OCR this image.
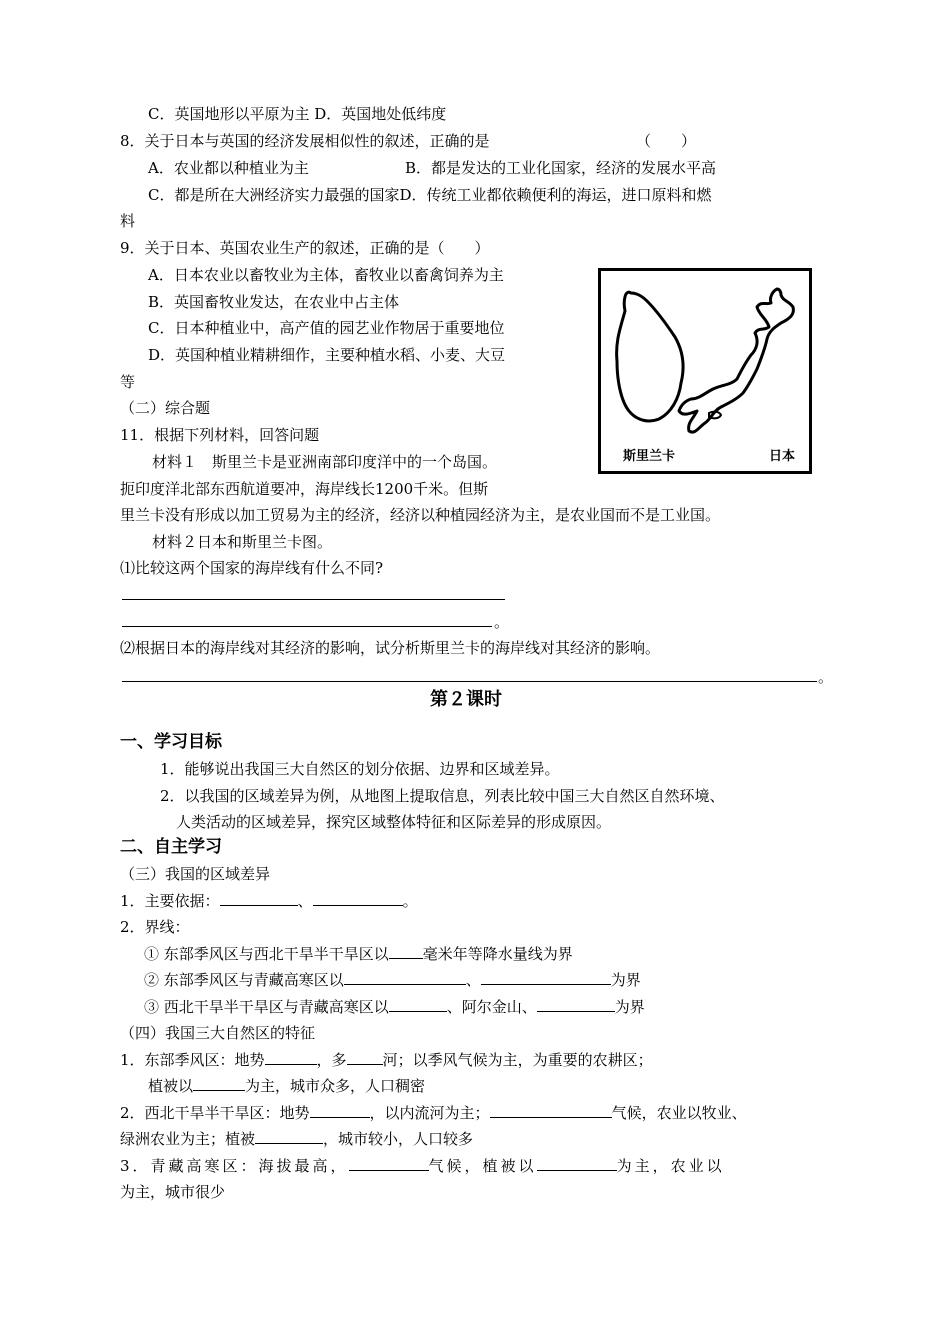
C．英国地形以平原为主 D．英国地处低纬度
8．关于日本与英国的经济发展相似性的叙述，正确的是	（　　）
A．农业都以种植业为主	B．都是发达的工业化国家，经济的发展水平高
C．都是所在大洲经济实力最强的国家D．传统工业都依赖便利的海运，进口原料和燃
料
9．关于日本、英国农业生产的叙述，正确的是（　　）
A．日本农业以畜牧业为主体，畜牧业以畜禽饲养为主
B．英国畜牧业发达，在农业中占主体
C．日本种植业中，高产值的园艺业作物居于重要地位
D．英国种植业精耕细作，主要种植水稻、小麦、大豆
等
（二）综合题
11．根据下列材料，回答问题
材料１　斯里兰卡是亚洲南部印度洋中的一个岛国。
扼印度洋北部东西航道要冲，海岸线长1200千米。但斯
里兰卡没有形成以加工贸易为主的经济，经济以种植园经济为主，是农业国而不是工业国。
材料２日本和斯里兰卡图。
⑴比较这两个国家的海岸线有什么不同?
。
⑵根据日本的海岸线对其经济的影响，试分析斯里兰卡的海岸线对其经济的影响。
。
斯里兰卡	日本
第２课时
一、学习目标
1．能够说出我国三大自然区的划分依据、边界和区域差异。
2．以我国的区域差异为例，从地图上提取信息，列表比较中国三大自然区自然环境、
人类活动的区域差异，探究区域整体特征和区际差异的形成原因。
二、自主学习
（三）我国的区域差异
1．主要依据：	、	。
2．界线：
① 东部季风区与西北干旱半干旱区以 毫米年等降水量线为界
② 东部季风区与青藏高寒区以	、	为界
③ 西北干旱半干旱区与青藏高寒区以	、阿尔金山、	为界
（四）我国三大自然区的特征
1．东部季风区：地势	，多 河；以季风气候为主，为重要的农耕区；
植被以	为主，城市众多，人口稠密
2．西北干旱半干旱区：地势	，以内流河为主；	气候，农业以牧业、
绿洲农业为主；植被	，城市较小，人口较多
3．青藏高寒区：海拔最高，	气候，植被以	为主，农业以
为主，城市很少
